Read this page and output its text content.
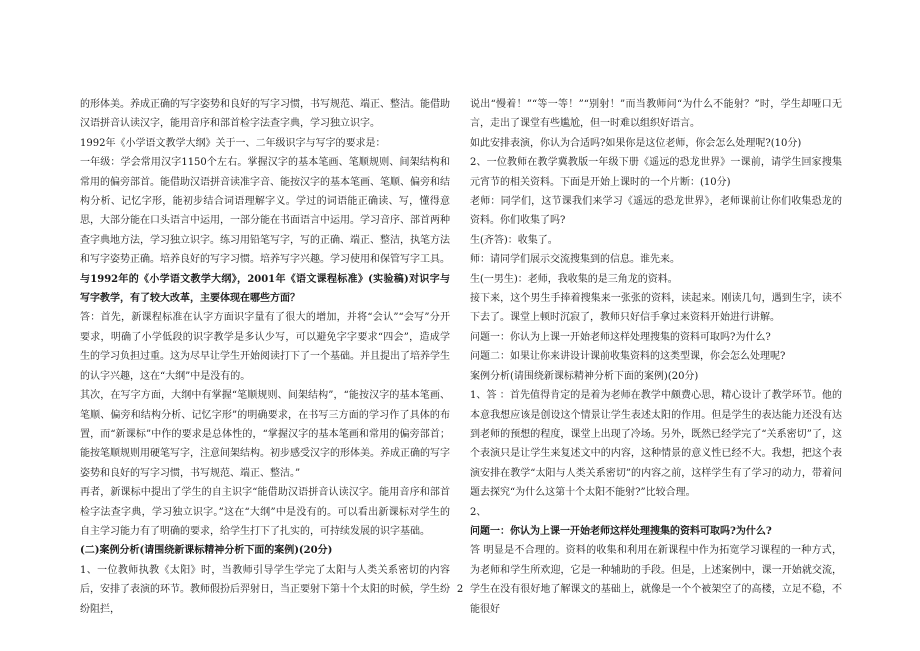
的形体美。养成正确的写字姿势和良好的写字习惯，书写规范、端正、整洁。能借助汉语拼音认读汉字，能用音序和部首检字法查字典，学习独立识字。

1992年《小学语文教学大纲》关于一、二年级识字与写字的要求是：

一年级：学会常用汉字1150个左右。掌握汉字的基本笔画、笔顺规则、间架结构和常用的偏旁部首。能借助汉语拼音读准字音、能按汉字的基本笔画、笔顺、偏旁和结构分析、记忆字形，能初步结合词语理解字义。学过的词语能正确读、写，懂得意思，大部分能在口头语言中运用，一部分能在书面语言中运用。学习音序、部首两种查字典地方法，学习独立识字。练习用铅笔写字，写的正确、端正、整洁，执笔方法和写字姿势正确。培养良好的写字习惯。培养写字兴趣。学习使用和保管写字工具。

与1992年的《小学语文教学大纲》，2001年《语文课程标准》(实验稿)对识字与写字教学，有了较大改革，主要体现在哪些方面？

答：首先，新课程标准在认字方面识字量有了很大的增加，并将“会认”“会写”分开要求，明确了小学低段的识字教学是多认少写，可以避免字字要求“四会”，造成学生的学习负担过重。这为尽早让学生开始阅读打下了一个基础。并且提出了培养学生的认字兴趣，这在“大纲”中是没有的。

其次，在写字方面，大纲中有掌握“笔顺规则、间架结构”，“能按汉字的基本笔画、笔顺、偏旁和结构分析、记忆字形”的明确要求，在书写三方面的学习作了具体的布置，而“新课标”中作的要求是总体性的，“掌握汉字的基本笔画和常用的偏旁部首；能按笔顺规则用硬笔写字，注意间架结构。初步感受汉字的形体美。养成正确的写字姿势和良好的写字习惯，书写规范、端正、整洁。”

再者，新课标中提出了学生的自主识字“能借助汉语拼音认读汉字。能用音序和部首检字法查字典，学习独立识字。”这在“大纲”中是没有的。可以看出新课标对学生的自主学习能力有了明确的要求，给学生打下了扎实的，可持续发展的识字基础。

(二)案例分析(请围绕新课标精神分析下面的案例)(20分)

1、一位教师执教《太阳》时，当教师引导学生学完了太阳与人类关系密切的内容后，安排了表演的环节。教师假扮后羿射日，当正要射下第十个太阳的时候，学生纷纷阻拦，

说出“慢着！”“等一等！”“别射！”而当教师问“为什么不能射？”时，学生却哑口无言，走出了课堂有些尴尬，但一时难以组织好语言。

如此安排表演，你认为合适吗?如果你是这位老师，你会怎么处理呢?(10分)

2、一位教师在教学冀教版一年级下册《遥远的恐龙世界》一课前，请学生回家搜集元宵节的相关资料。下面是开始上课时的一个片断：(10分)

老师：同学们，这节课我们来学习《遥远的恐龙世界》，老师课前让你们收集恐龙的资料。你们收集了吗?

生(齐答)：收集了。

师：请同学们展示交流搜集到的信息。谁先来。

生(一男生)：老师，我收集的是三角龙的资料。

接下来，这个男生手捧着搜集来一张张的资料，读起来。刚读几句，遇到生字，读不下去了。课堂上顿时沉寂了，教师只好信手拿过来资料开始进行讲解。

问题一：你认为上课一开始老师这样处理搜集的资料可取吗?为什么?

问题二：如果让你来讲设计课前收集资料的这类型课，你会怎么处理呢?

案例分析(请围绕新课标精神分析下面的案例)(20分)

1、答 ：首先值得肯定的是着为老师在教学中颇费心思，精心设计了教学环节。他的本意我想应该是创设这个情景让学生表述太阳的作用。但是学生的表达能力还没有达到老师的预想的程度，课堂上出现了冷场。另外，既然已经学完了“关系密切”了，这个表演只是让学生来复述文中的内容，这种情景的意义性已经不大。我想，把这个表演安排在教学“太阳与人类关系密切”的内容之前，这样学生有了学习的动力，带着问题去探究“为什么这第十个太阳不能射?”比较合理。

2、

问题一：你认为上课一开始老师这样处理搜集的资料可取吗?为什么?

答 明显是不合理的。资料的收集和利用在新课程中作为拓宽学习课程的一种方式，为老师和学生所欢迎，它是一种辅助的手段。但是，上述案例中，课一开始就交流，学生在没有很好地了解课文的基础上，就像是一个个被架空了的高楼，立足不稳，不能很好

2
